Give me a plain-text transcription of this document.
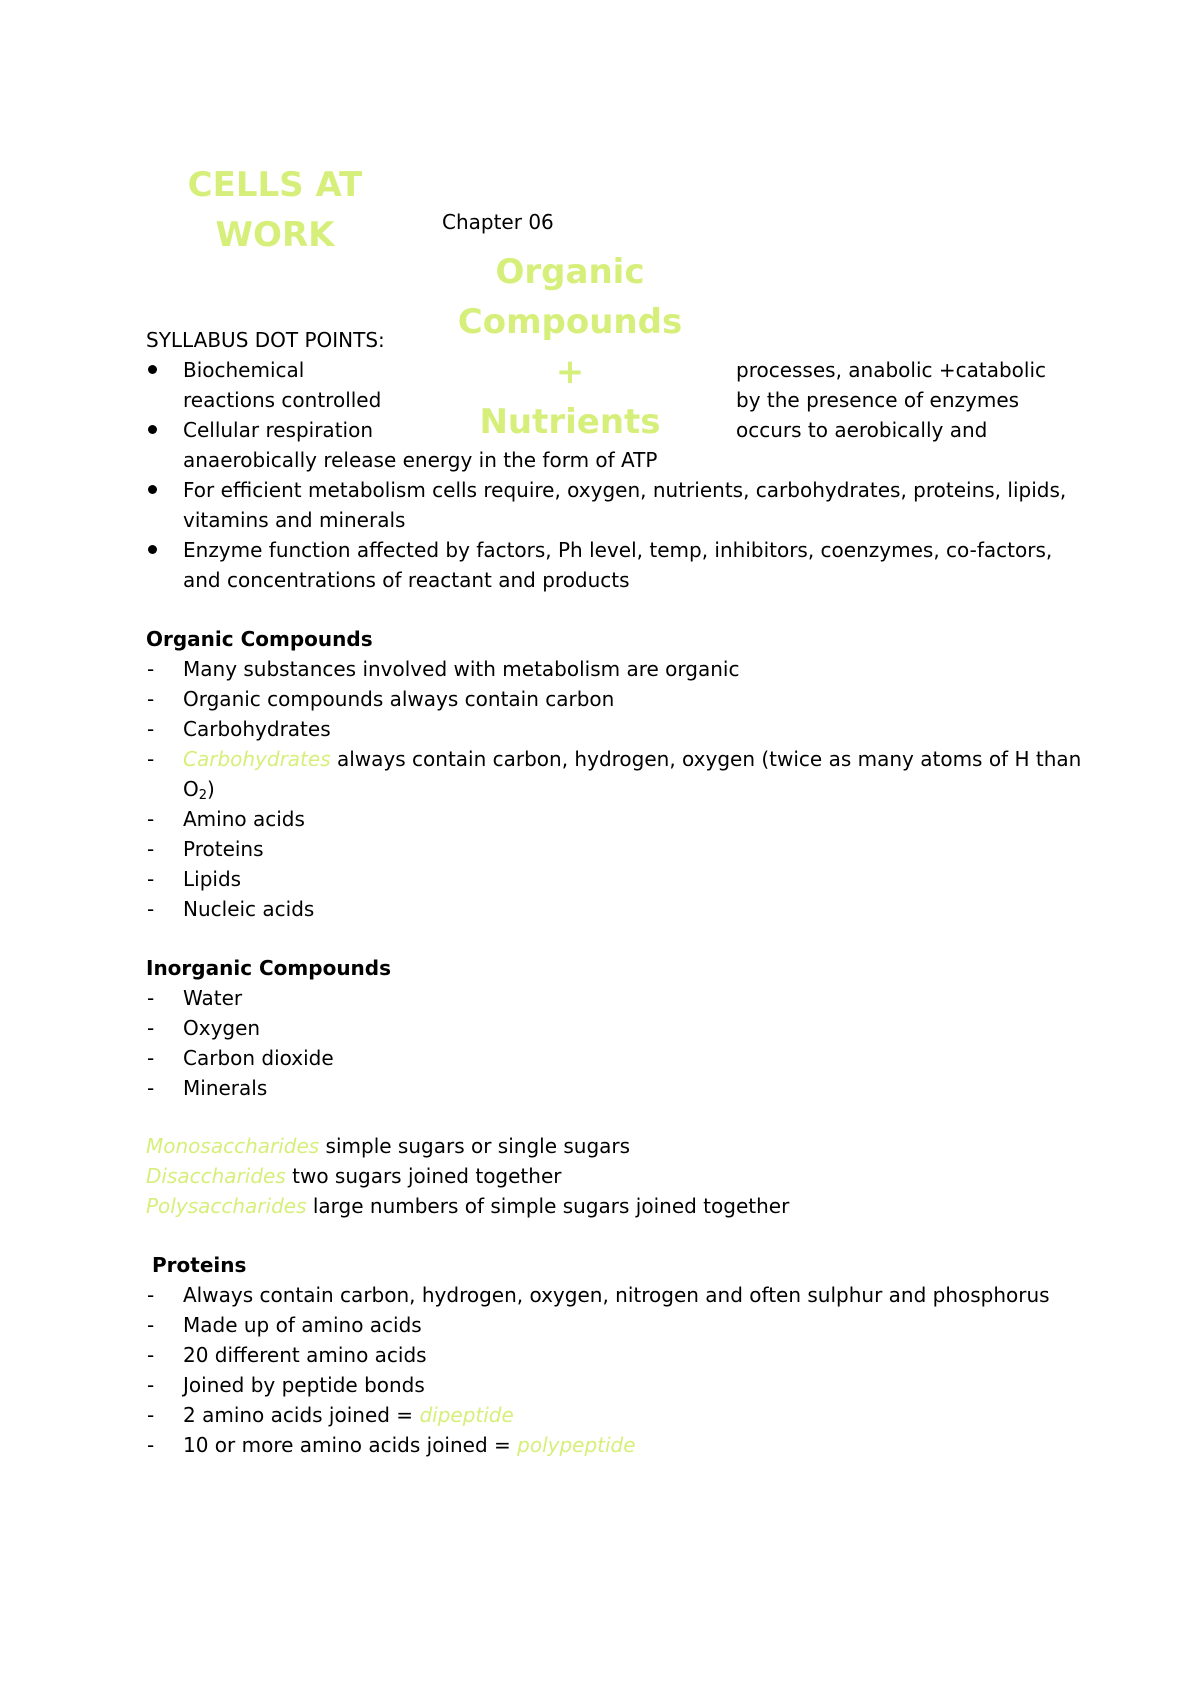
CELLS AT
WORK	Chapter 06
Organic
Compounds +
Nutrients
SYLLABUS DOT POINTS:
Biochemical	processes, anabolic +catabolic
reactions controlled	by the presence of enzymes
Cellular respiration	occurs to aerobically and
anaerobically release energy in the form of ATP
For efficient metabolism cells require, oxygen, nutrients, carbohydrates, proteins, lipids,
vitamins and minerals
Enzyme function affected by factors, Ph level, temp, inhibitors, coenzymes, co-factors,
and concentrations of reactant and products
Organic Compounds
- Many substances involved with metabolism are organic
- Organic compounds always contain carbon
- Carbohydrates
- Carbohydrates always contain carbon, hydrogen, oxygen (twice as many atoms of H than
$O_2$)
- Amino acids
- Proteins
- Lipids
- Nucleic acids
Inorganic Compounds
- Water
- Oxygen
- Carbon dioxide
- Minerals
Monosaccharides simple sugars or single sugars
Disaccharides two sugars joined together
Polysaccharides large numbers of simple sugars joined together
Proteins
- Always contain carbon, hydrogen, oxygen, nitrogen and often sulphur and phosphorus
- Made up of amino acids
- 20 different amino acids
- Joined by peptide bonds
- 2 amino acids joined = dipeptide
- 10 or more amino acids joined = polypeptide
